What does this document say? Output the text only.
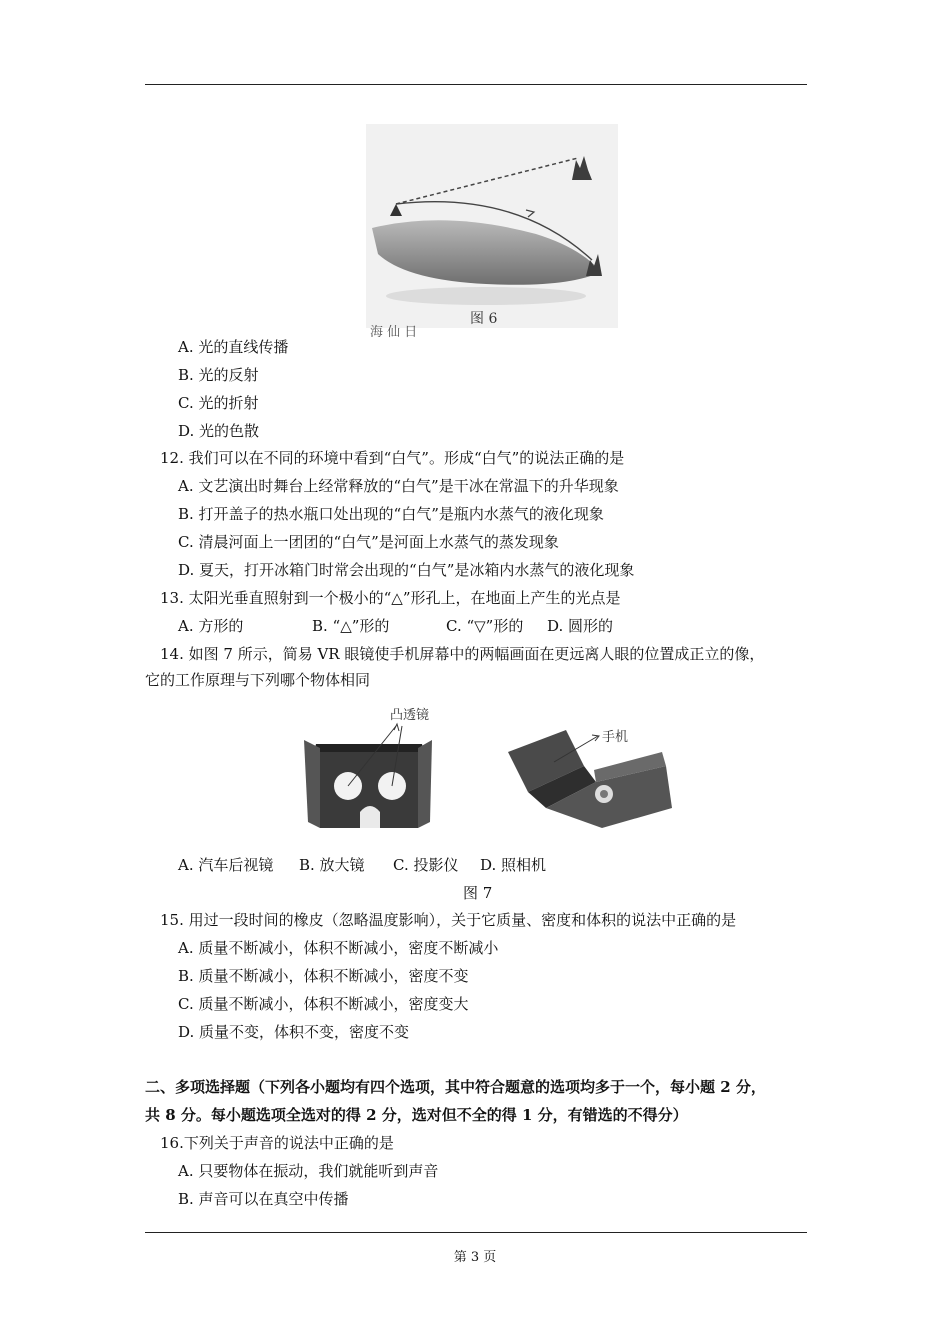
图 6
海 仙 日
A. 光的直线传播
B. 光的反射
C. 光的折射
D. 光的色散
12. 我们可以在不同的环境中看到“白气”。形成“白气”的说法正确的是
A. 文艺演出时舞台上经常释放的“白气”是干冰在常温下的升华现象
B. 打开盖子的热水瓶口处出现的“白气”是瓶内水蒸气的液化现象
C. 清晨河面上一团团的“白气”是河面上水蒸气的蒸发现象
D. 夏天，打开冰箱门时常会出现的“白气”是冰箱内水蒸气的液化现象
13. 太阳光垂直照射到一个极小的“△”形孔上，在地面上产生的光点是
A. 方形的	B. “△”形的	C. “▽”形的 D. 圆形的
14. 如图 7 所示，简易 VR 眼镜使手机屏幕中的两幅画面在更远离人眼的位置成正立的像，
它的工作原理与下列哪个物体相同
凸透镜
手机
A. 汽车后视镜 B. 放大镜 C. 投影仪 D. 照相机
图 7
15. 用过一段时间的橡皮（忽略温度影响），关于它质量、密度和体积的说法中正确的是
A. 质量不断减小，体积不断减小，密度不断减小
B. 质量不断减小，体积不断减小，密度不变
C. 质量不断减小，体积不断减小，密度变大
D. 质量不变，体积不变，密度不变
二、多项选择题（下列各小题均有四个选项，其中符合题意的选项均多于一个，每小题 2 分，
共 8 分。每小题选项全选对的得 2 分，选对但不全的得 1 分，有错选的不得分）
16.下列关于声音的说法中正确的是
A. 只要物体在振动，我们就能听到声音
B. 声音可以在真空中传播
第 3 页
